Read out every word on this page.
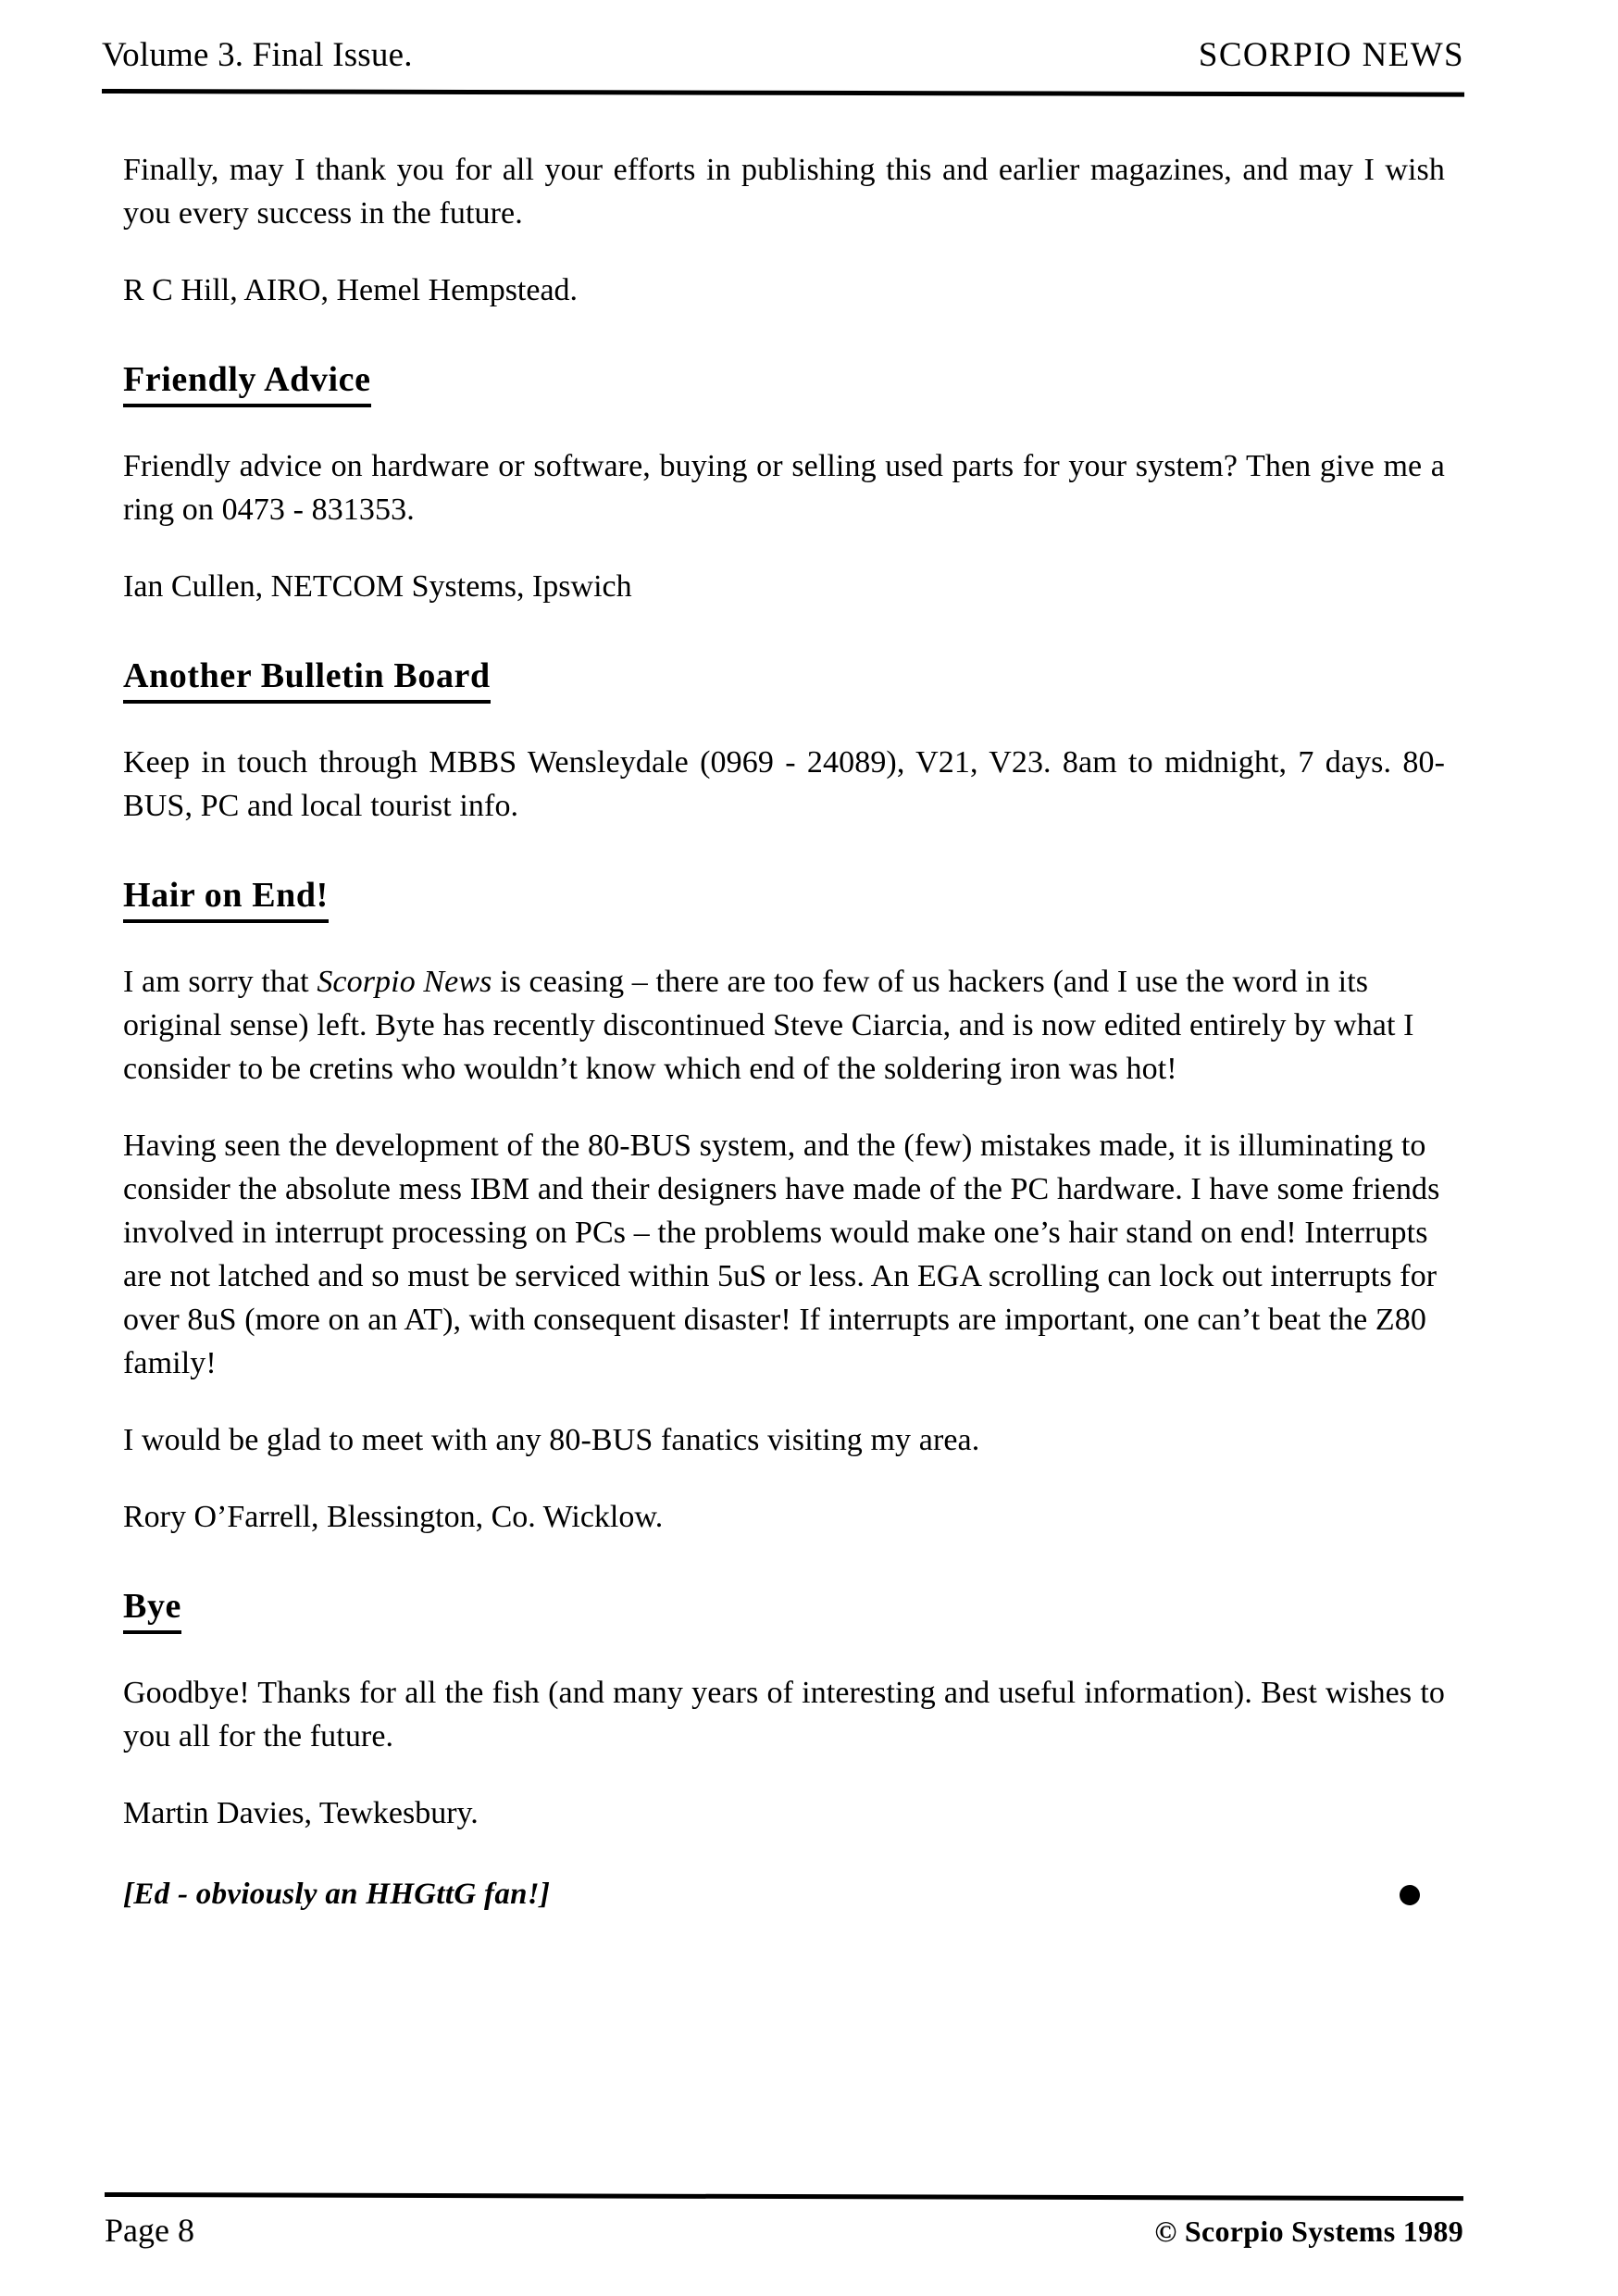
Volume 3. Final Issue.	SCORPIO NEWS

Finally, may I thank you for all your efforts in publishing this and earlier magazines, and may I wish you every success in the future.

R C Hill, AIRO, Hemel Hempstead.

Friendly Advice

Friendly advice on hardware or software, buying or selling used parts for your system? Then give me a ring on 0473 - 831353.

Ian Cullen, NETCOM Systems, Ipswich

Another Bulletin Board

Keep in touch through MBBS Wensleydale (0969 - 24089), V21, V23. 8am to midnight, 7 days. 80-BUS, PC and local tourist info.

Hair on End!

I am sorry that Scorpio News is ceasing – there are too few of us hackers (and I use the word in its original sense) left. Byte has recently discontinued Steve Ciarcia, and is now edited entirely by what I consider to be cretins who wouldn’t know which end of the soldering iron was hot!

Having seen the development of the 80-BUS system, and the (few) mistakes made, it is illuminating to consider the absolute mess IBM and their designers have made of the PC hardware. I have some friends involved in interrupt processing on PCs – the problems would make one’s hair stand on end! Interrupts are not latched and so must be serviced within 5uS or less. An EGA scrolling can lock out interrupts for over 8uS (more on an AT), with consequent disaster! If interrupts are important, one can’t beat the Z80 family!

I would be glad to meet with any 80-BUS fanatics visiting my area.

Rory O’Farrell, Blessington, Co. Wicklow.

Bye

Goodbye! Thanks for all the fish (and many years of interesting and useful information). Best wishes to you all for the future.

Martin Davies, Tewkesbury.

[Ed - obviously an HHGttG fan!]
Page 8	© Scorpio Systems 1989
